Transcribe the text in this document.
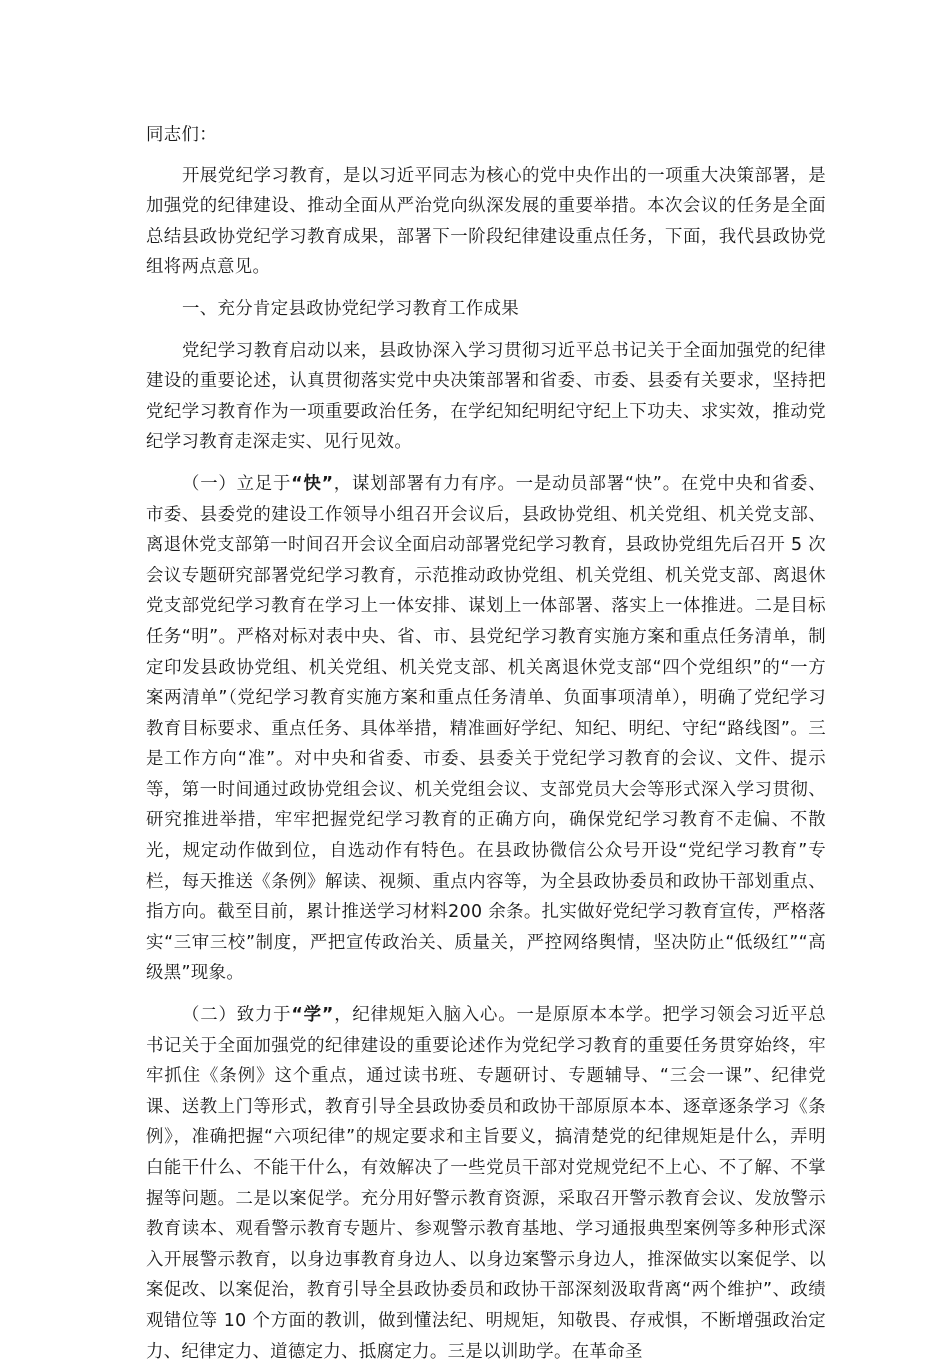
同志们：

开展党纪学习教育，是以习近平同志为核心的党中央作出的一项重大决策部署，是加强党的纪律建设、推动全面从严治党向纵深发展的重要举措。本次会议的任务是全面总结县政协党纪学习教育成果，部署下一阶段纪律建设重点任务，下面，我代县政协党组将两点意见。

一、充分肯定县政协党纪学习教育工作成果

党纪学习教育启动以来，县政协深入学习贯彻习近平总书记关于全面加强党的纪律建设的重要论述，认真贯彻落实党中央决策部署和省委、市委、县委有关要求，坚持把党纪学习教育作为一项重要政治任务，在学纪知纪明纪守纪上下功夫、求实效，推动党纪学习教育走深走实、见行见效。

（一）立足于“快”，谋划部署有力有序。一是动员部署“快”。在党中央和省委、市委、县委党的建设工作领导小组召开会议后，县政协党组、机关党组、机关党支部、离退休党支部第一时间召开会议全面启动部署党纪学习教育，县政协党组先后召开 5 次会议专题研究部署党纪学习教育，示范推动政协党组、机关党组、机关党支部、离退休党支部党纪学习教育在学习上一体安排、谋划上一体部署、落实上一体推进。二是目标任务“明”。严格对标对表中央、省、市、县党纪学习教育实施方案和重点任务清单，制定印发县政协党组、机关党组、机关党支部、机关离退休党支部“四个党组织”的“一方案两清单”（党纪学习教育实施方案和重点任务清单、负面事项清单），明确了党纪学习教育目标要求、重点任务、具体举措，精准画好学纪、知纪、明纪、守纪“路线图”。三是工作方向“准”。对中央和省委、市委、县委关于党纪学习教育的会议、文件、提示等，第一时间通过政协党组会议、机关党组会议、支部党员大会等形式深入学习贯彻、研究推进举措，牢牢把握党纪学习教育的正确方向，确保党纪学习教育不走偏、不散光，规定动作做到位，自选动作有特色。在县政协微信公众号开设“党纪学习教育”专栏，每天推送《条例》解读、视频、重点内容等，为全县政协委员和政协干部划重点、指方向。截至目前，累计推送学习材料200 余条。扎实做好党纪学习教育宣传，严格落实“三审三校”制度，严把宣传政治关、质量关，严控网络舆情，坚决防止“低级红”“高级黑”现象。

（二）致力于“学”，纪律规矩入脑入心。一是原原本本学。把学习领会习近平总书记关于全面加强党的纪律建设的重要论述作为党纪学习教育的重要任务贯穿始终，牢牢抓住《条例》这个重点，通过读书班、专题研讨、专题辅导、“三会一课”、纪律党课、送教上门等形式，教育引导全县政协委员和政协干部原原本本、逐章逐条学习《条例》，准确把握“六项纪律”的规定要求和主旨要义，搞清楚党的纪律规矩是什么，弄明白能干什么、不能干什么，有效解决了一些党员干部对党规党纪不上心、不了解、不掌握等问题。二是以案促学。充分用好警示教育资源，采取召开警示教育会议、发放警示教育读本、观看警示教育专题片、参观警示教育基地、学习通报典型案例等多种形式深入开展警示教育，以身边事教育身边人、以身边案警示身边人，推深做实以案促学、以案促改、以案促治，教育引导全县政协委员和政协干部深刻汲取背离“两个维护”、政绩观错位等 10 个方面的教训，做到懂法纪、明规矩，知敬畏、存戒惧，不断增强政治定力、纪律定力、道德定力、抵腐定力。三是以训助学。在革命圣
